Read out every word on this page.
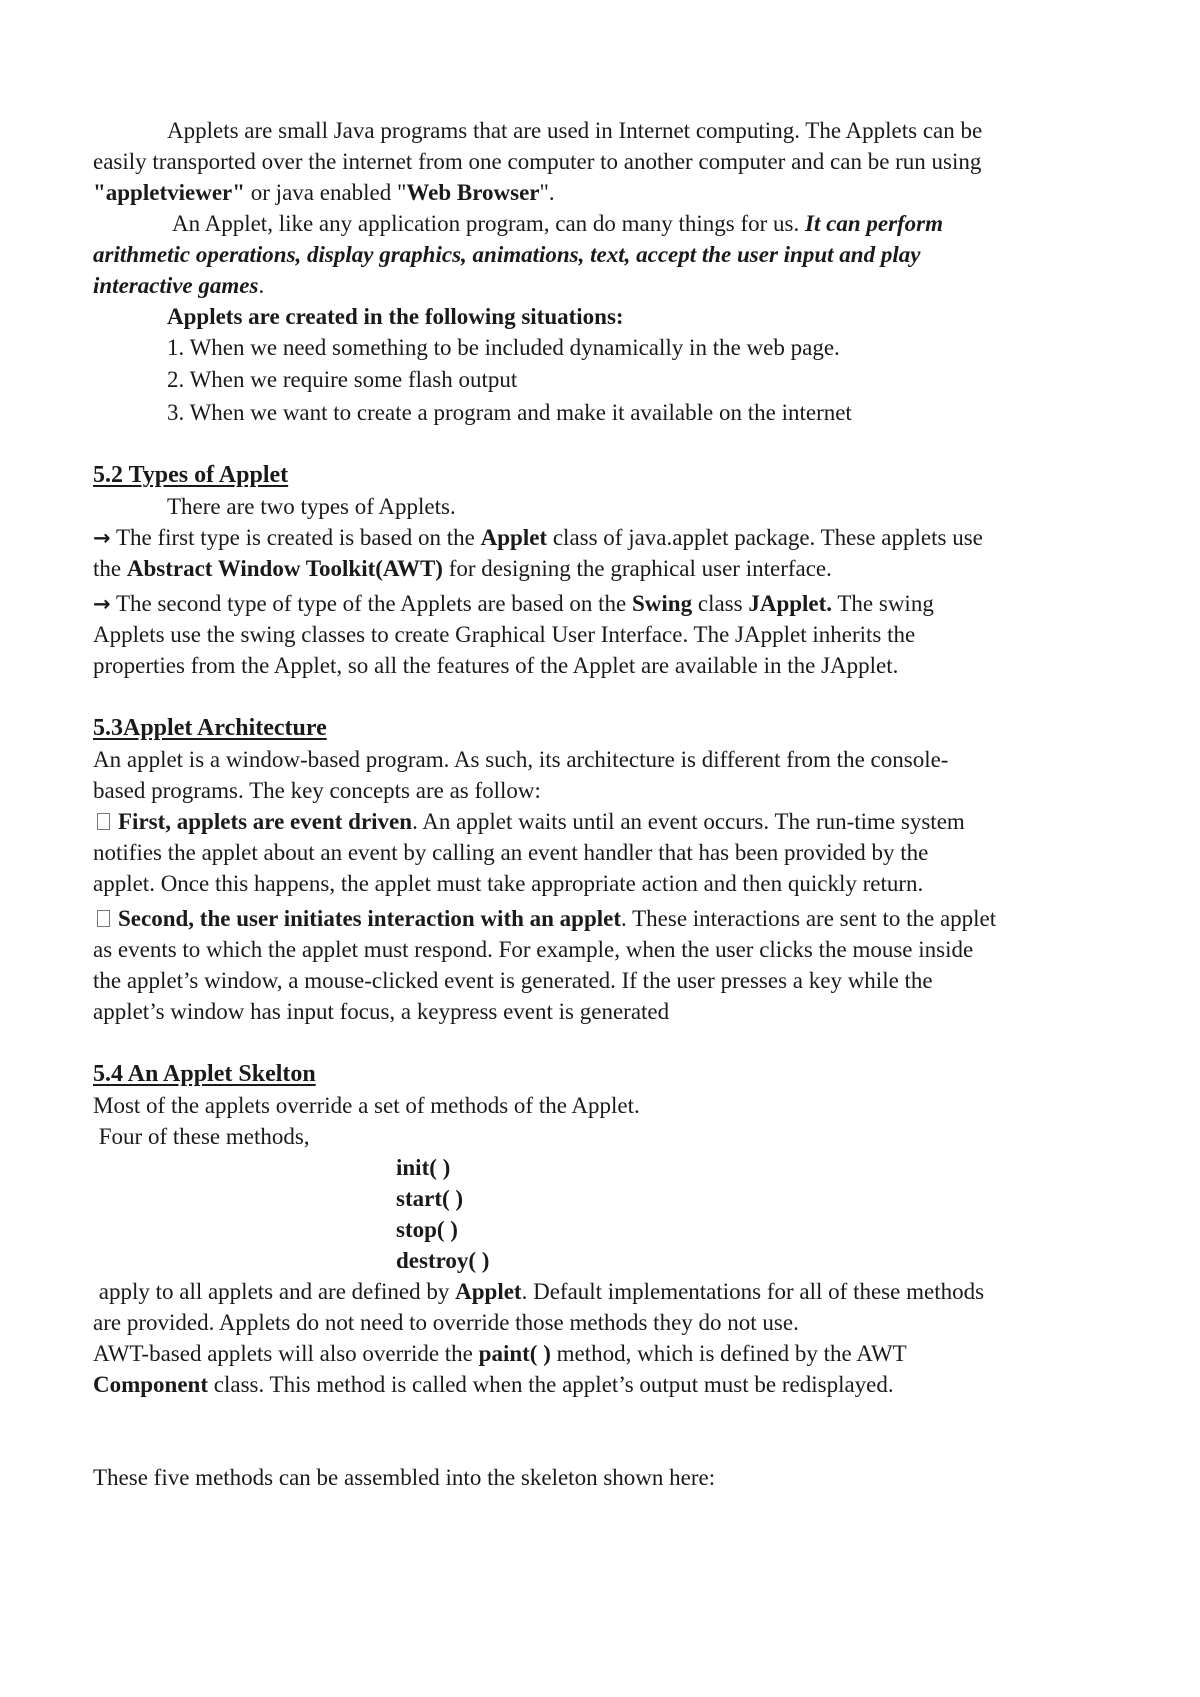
Applets are small Java programs that are used in Internet computing. The Applets can be
easily transported over the internet from one computer to another computer and can be run using
"appletviewer" or java enabled "Web Browser".
An Applet, like any application program, can do many things for us. It can perform
arithmetic operations, display graphics, animations, text, accept the user input and play
interactive games.
Applets are created in the following situations:
1. When we need something to be included dynamically in the web page.
2. When we require some flash output
3. When we want to create a program and make it available on the internet
5.2 Types of Applet
There are two types of Applets.
→ The first type is created is based on the Applet class of java.applet package. These applets use
the Abstract Window Toolkit(AWT) for designing the graphical user interface.
→ The second type of type of the Applets are based on the Swing class JApplet. The swing
Applets use the swing classes to create Graphical User Interface. The JApplet inherits the
properties from the Applet, so all the features of the Applet are available in the JApplet.
5.3Applet Architecture
An applet is a window-based program. As such, its architecture is different from the console-
based programs. The key concepts are as follow:
First, applets are event driven. An applet waits until an event occurs. The run-time system
notifies the applet about an event by calling an event handler that has been provided by the
applet. Once this happens, the applet must take appropriate action and then quickly return.
Second, the user initiates interaction with an applet. These interactions are sent to the applet
as events to which the applet must respond. For example, when the user clicks the mouse inside
the applet’s window, a mouse-clicked event is generated. If the user presses a key while the
applet’s window has input focus, a keypress event is generated
5.4 An Applet Skelton
Most of the applets override a set of methods of the Applet.
Four of these methods,
init( )
start( )
stop( )
destroy( )
apply to all applets and are defined by Applet. Default implementations for all of these methods
are provided. Applets do not need to override those methods they do not use.
AWT-based applets will also override the paint( ) method, which is defined by the AWT
Component class. This method is called when the applet’s output must be redisplayed.
These five methods can be assembled into the skeleton shown here:
